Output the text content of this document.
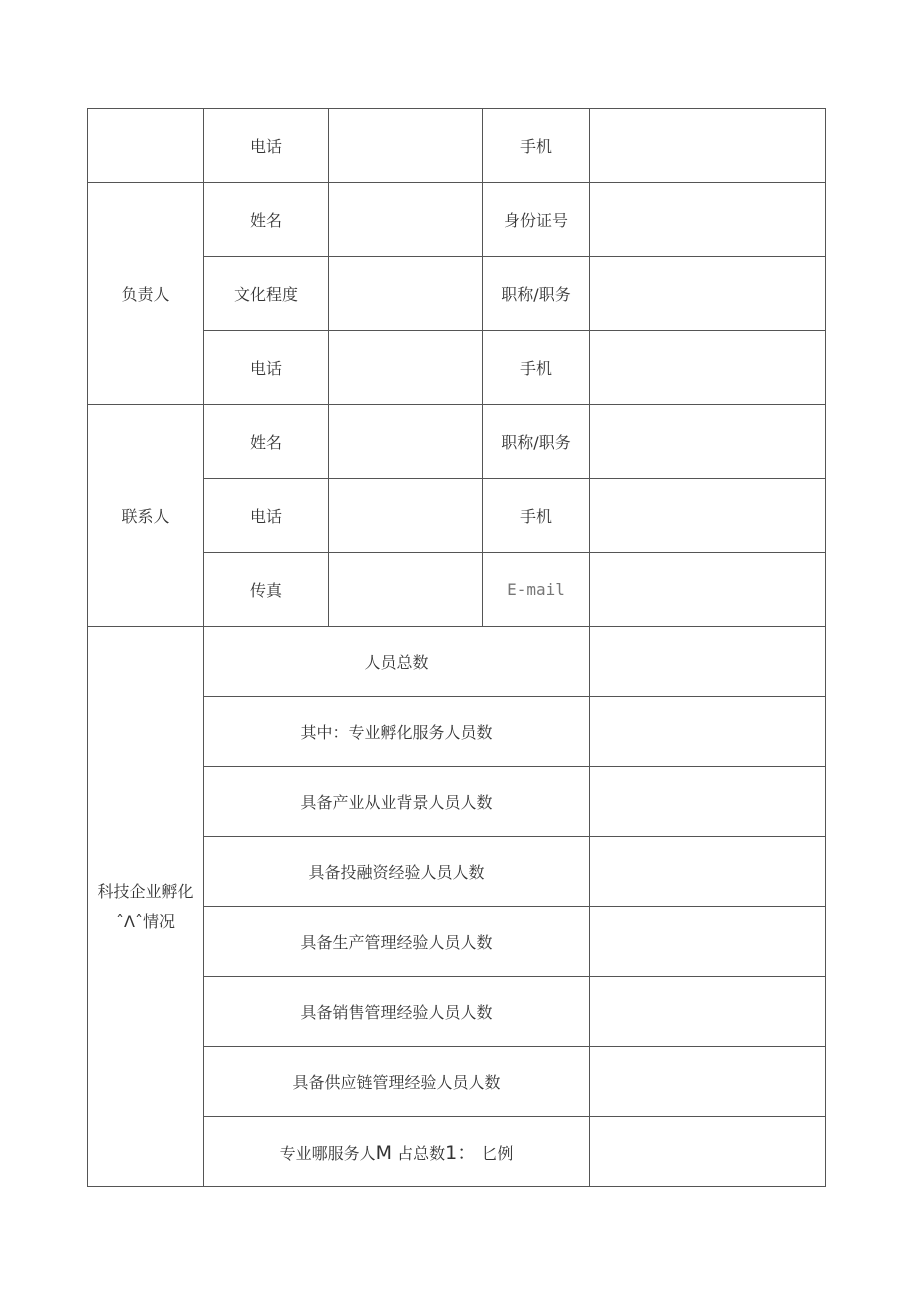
	电话		手机	
负责人	姓名		身份证号	
	文化程度		职称/职务	
	电话		手机	
联系人	姓名		职称/职务	
	电话		手机	
	传真		E-mail	

科技企业孵化
ˆΛˆ情况	人员总数			
	其中：专业孵化服务人员数			
	具备产业从业背景人员人数			
	具备投融资经验人员人数			
	具备生产管理经验人员人数			
	具备销售管理经验人员人数			
	具备供应链管理经验人员人数			
	专业哪服务人M 占总数1： 匕例			
